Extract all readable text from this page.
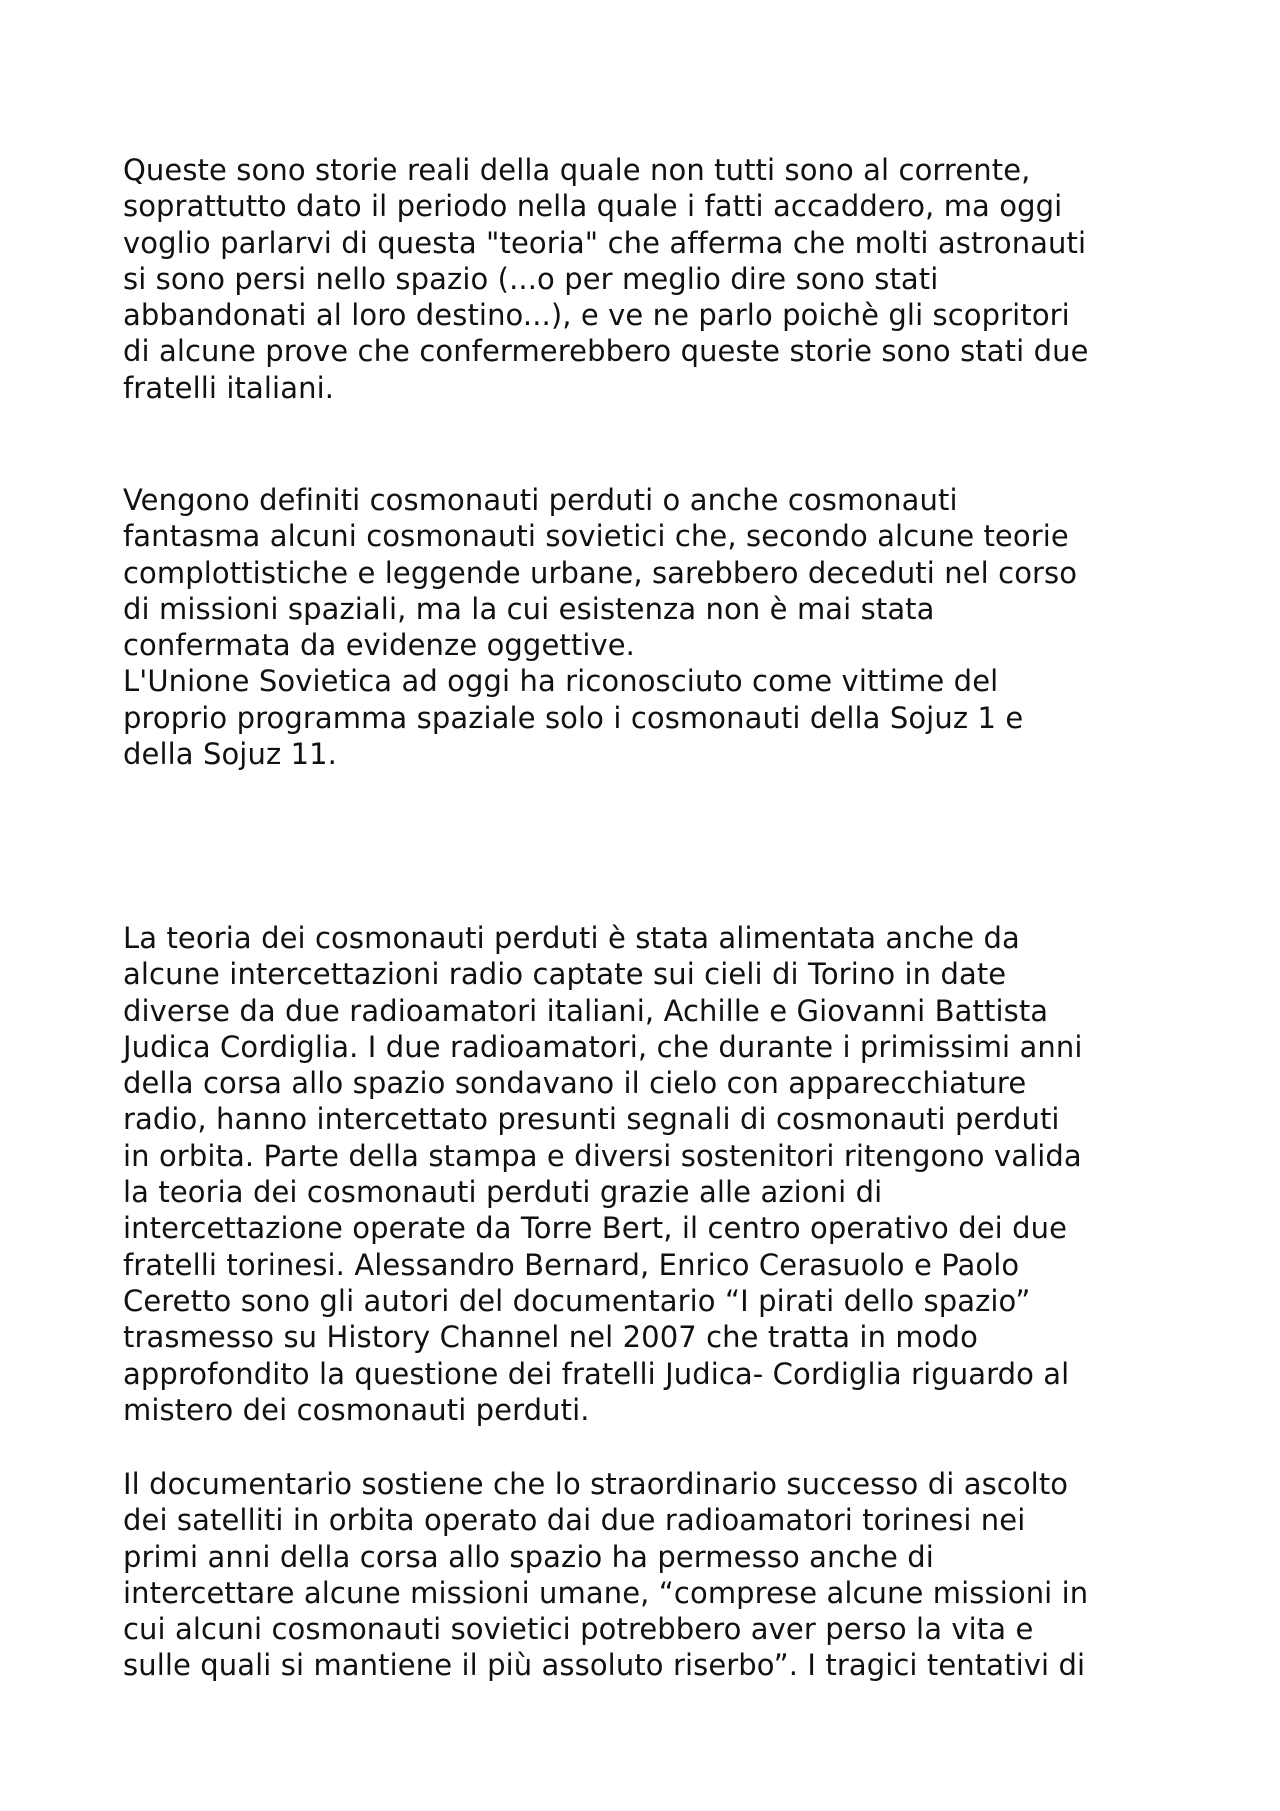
Queste sono storie reali della quale non tutti sono al corrente,
soprattutto dato il periodo nella quale i fatti accaddero, ma oggi
voglio parlarvi di questa "teoria" che afferma che molti astronauti
si sono persi nello spazio (...o per meglio dire sono stati
abbandonati al loro destino...), e ve ne parlo poichè gli scopritori
di alcune prove che confermerebbero queste storie sono stati due
fratelli italiani.
Vengono definiti cosmonauti perduti o anche cosmonauti
fantasma alcuni cosmonauti sovietici che, secondo alcune teorie
complottistiche e leggende urbane, sarebbero deceduti nel corso
di missioni spaziali, ma la cui esistenza non è mai stata
confermata da evidenze oggettive.
L'Unione Sovietica ad oggi ha riconosciuto come vittime del
proprio programma spaziale solo i cosmonauti della Sojuz 1 e
della Sojuz 11.
La teoria dei cosmonauti perduti è stata alimentata anche da
alcune intercettazioni radio captate sui cieli di Torino in date
diverse da due radioamatori italiani, Achille e Giovanni Battista
Judica Cordiglia. I due radioamatori, che durante i primissimi anni
della corsa allo spazio sondavano il cielo con apparecchiature
radio, hanno intercettato presunti segnali di cosmonauti perduti
in orbita. Parte della stampa e diversi sostenitori ritengono valida
la teoria dei cosmonauti perduti grazie alle azioni di
intercettazione operate da Torre Bert, il centro operativo dei due
fratelli torinesi. Alessandro Bernard, Enrico Cerasuolo e Paolo
Ceretto sono gli autori del documentario “I pirati dello spazio”
trasmesso su History Channel nel 2007 che tratta in modo
approfondito la questione dei fratelli Judica- Cordiglia riguardo al
mistero dei cosmonauti perduti.
Il documentario sostiene che lo straordinario successo di ascolto
dei satelliti in orbita operato dai due radioamatori torinesi nei
primi anni della corsa allo spazio ha permesso anche di
intercettare alcune missioni umane, “comprese alcune missioni in
cui alcuni cosmonauti sovietici potrebbero aver perso la vita e
sulle quali si mantiene il più assoluto riserbo”. I tragici tentativi di
